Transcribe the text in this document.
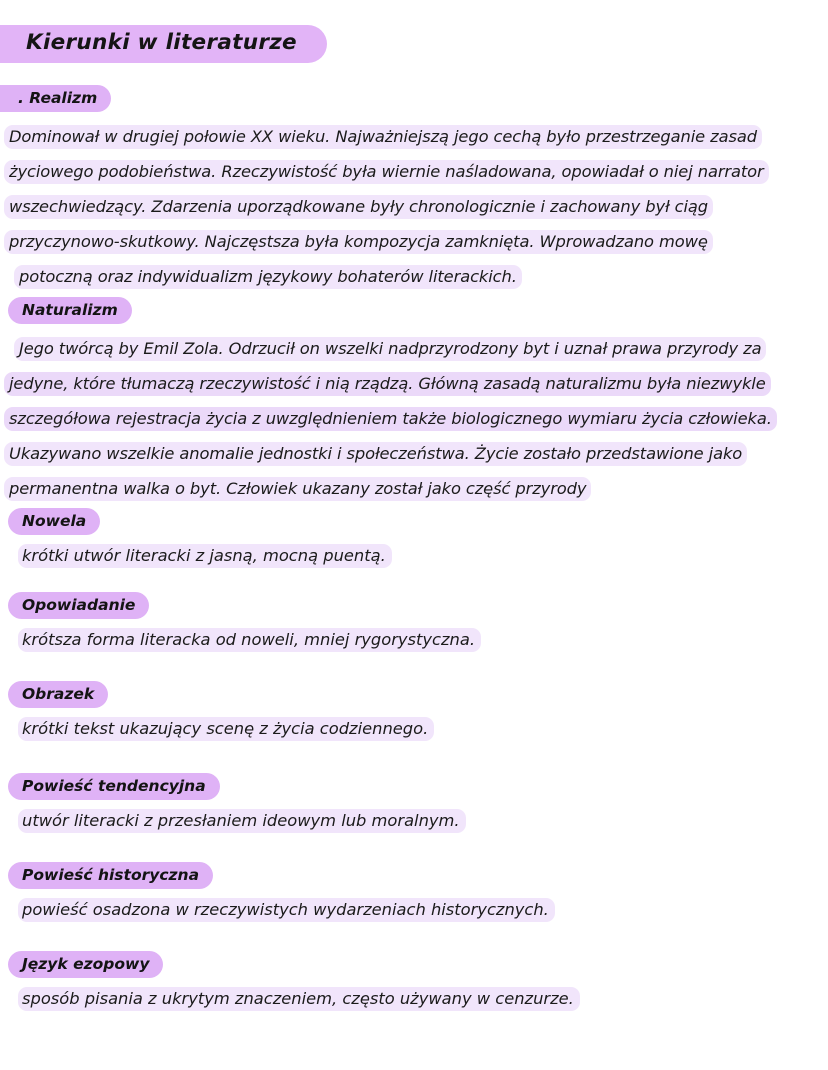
Kierunki w literaturze
. Realizm
Dominował w drugiej połowie XX wieku. Najważniejszą jego cechą było przestrzeganie zasad
życiowego podobieństwa. Rzeczywistość była wiernie naśladowana, opowiadał o niej narrator
wszechwiedzący. Zdarzenia uporządkowane były chronologicznie i zachowany był ciąg
przyczynowo-skutkowy. Najczęstsza była kompozycja zamknięta. Wprowadzano mowę
potoczną oraz indywidualizm językowy bohaterów literackich.
Naturalizm
Jego twórcą by Emil Zola. Odrzucił on wszelki nadprzyrodzony byt i uznał prawa przyrody za
jedyne, które tłumaczą rzeczywistość i nią rządzą. Główną zasadą naturalizmu była niezwykle
szczegółowa rejestracja życia z uwzględnieniem także biologicznego wymiaru życia człowieka.
Ukazywano wszelkie anomalie jednostki i społeczeństwa. Życie zostało przedstawione jako
permanentna walka o byt. Człowiek ukazany został jako część przyrody
Nowela
krótki utwór literacki z jasną, mocną puentą.
Opowiadanie
krótsza forma literacka od noweli, mniej rygorystyczna.
Obrazek
krótki tekst ukazujący scenę z życia codziennego.
Powieść tendencyjna
utwór literacki z przesłaniem ideowym lub moralnym.
Powieść historyczna
powieść osadzona w rzeczywistych wydarzeniach historycznych.
Język ezopowy
sposób pisania z ukrytym znaczeniem, często używany w cenzurze.
